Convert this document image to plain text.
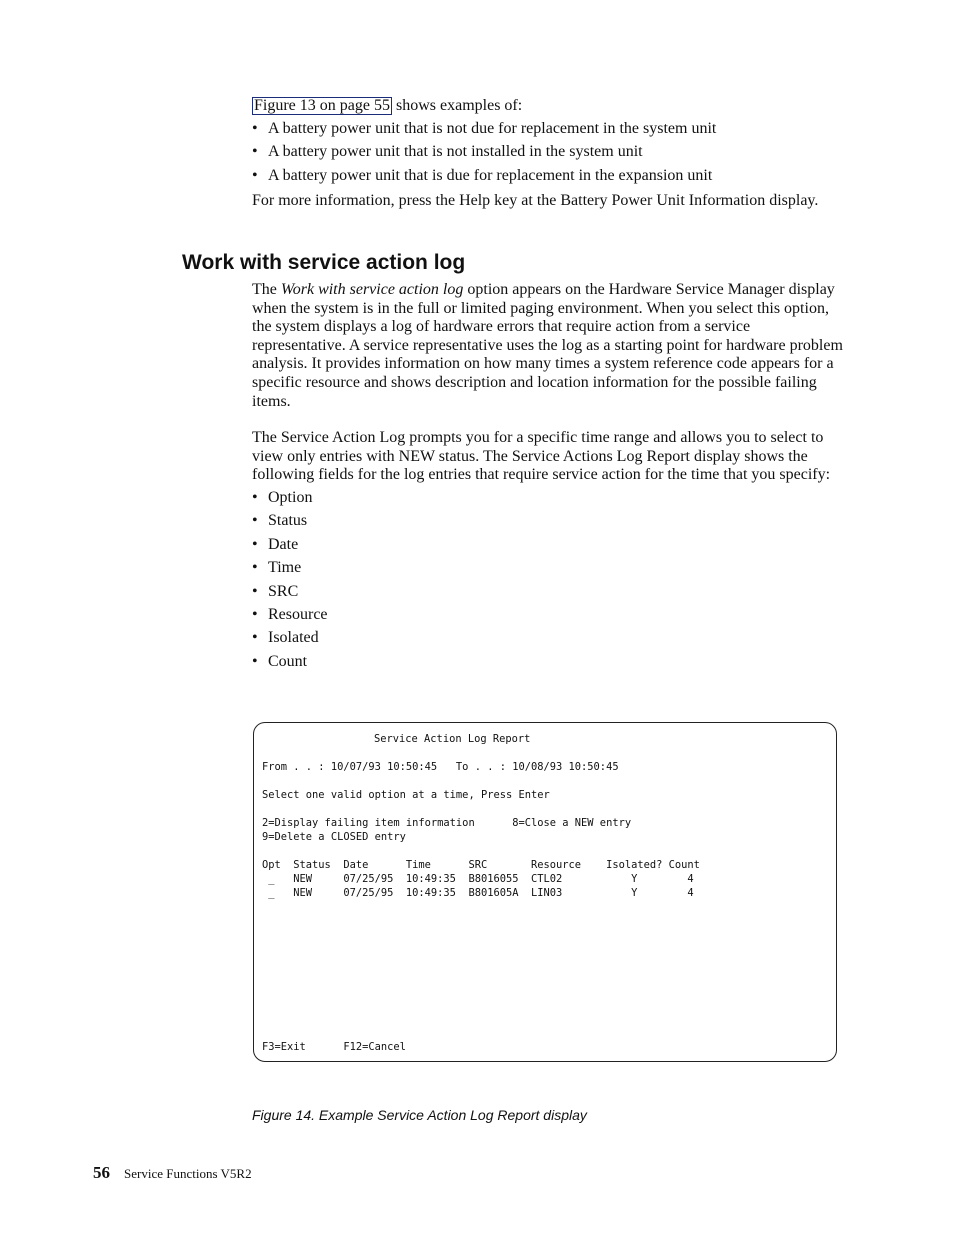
Figure 13 on page 55 shows examples of:

• A battery power unit that is not due for replacement in the system unit
• A battery power unit that is not installed in the system unit
• A battery power unit that is due for replacement in the expansion unit

For more information, press the Help key at the Battery Power Unit Information display.

Work with service action log

The Work with service action log option appears on the Hardware Service Manager display when the system is in the full or limited paging environment. When you select this option, the system displays a log of hardware errors that require action from a service representative. A service representative uses the log as a starting point for hardware problem analysis. It provides information on how many times a system reference code appears for a specific resource and shows description and location information for the possible failing items.

The Service Action Log prompts you for a specific time range and allows you to select to view only entries with NEW status. The Service Actions Log Report display shows the following fields for the log entries that require service action for the time that you specify:

• Option
• Status
• Date
• Time
• SRC
• Resource
• Isolated
• Count

Service Action Log Report

From . . : 10/07/93 10:50:45   To . . : 10/08/93 10:50:45

Select one valid option at a time, Press Enter

2=Display failing item information      8=Close a NEW entry

9=Delete a CLOSED entry

Opt  Status  Date      Time      SRC       Resource    Isolated? Count

_   NEW     07/25/95  10:49:35  B8016055  CTL02           Y        4

_   NEW     07/25/95  10:49:35  B801605A  LIN03           Y        4

F3=Exit      F12=Cancel

Figure 14. Example Service Action Log Report display

56 Service Functions V5R2
